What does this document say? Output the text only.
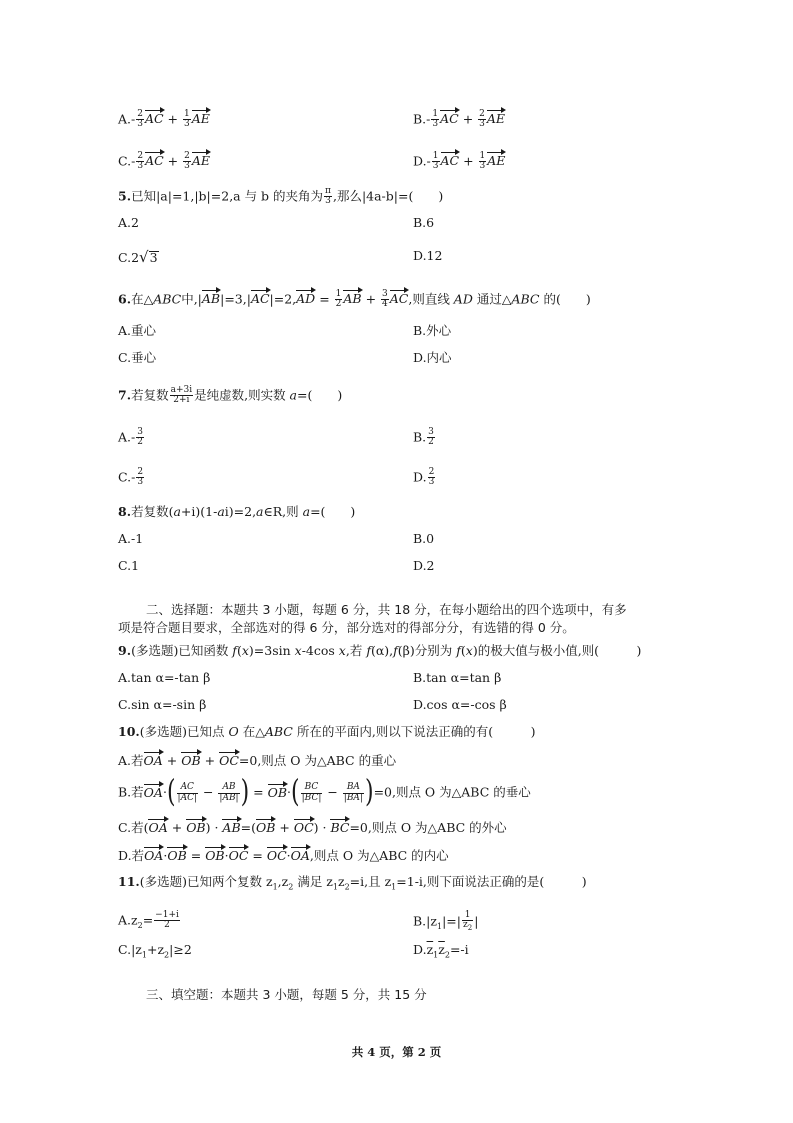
$A.- \frac{2}{3}$ AC + $\frac{1}{3}$ AE	$B.- \frac{1}{3}$ AC + $\frac{2}{3}$ AE
$C.- \frac{2}{3}$ AC + $\frac{2}{3}$ AE	$D.- \frac{1}{3}$ AC + $\frac{1}{3}$ AE
5.已知|a|=1,|b|=2,a 与 b 的夹角为 $\frac{\pi}{3}$ ,那么|4a-b|=(　　)
A.2	B.6
C.2√3	D.12
6.在△ABC中$,|AB|=3,|AC|=2,AD = \frac{1}{2}$ AB + $\frac{3}{4}$ AC,则直线 AD 通过△ABC 的(　　)
A.重心	B.外心
C.垂心	D.内心
7.若复数 $\frac{a+3i}{2+i}$ 是纯虚数,则实数 a=(　　)
$A.- \frac{3}{2}$	B. $\frac{3}{2}$
$C.- \frac{2}{3}$	D. $\frac{2}{3}$
8.若复数(a+i)(1-ai)=2,a∈R,则 a=(　　)
A.-1	B.0
C.1	D.2
二、选择题：本题共 3 小题，每题 6 分，共 18 分，在每小题给出的四个选项中，有多
项是符合题目要求，全部选对的得 6 分，部分选对的得部分分，有选错的得 0 分。
9.(多选题)已知函数 f(x)=3sin x-4cos x,若 f(α),f(β)分别为 f(x)的极大值与极小值,则(　　　)
A.tan α=-tan β	B.tan α=tan β
C.sin α=-sin β	D.cos α=-cos β
10.(多选题)已知点 O 在△ABC 所在的平面内,则以下说法正确的有(　　　)
A.若OA + OB + OC=0,则点 O 为△ABC 的重心
B.若$OA\cdot( \frac{AC}{|AC|} - \frac{AB}{|AB|}$ ) = $OB\cdot( \frac{BC}{|BC|} - \frac{BA}{|BA|} )=0$,则点 O 为△ABC 的垂心
C.若(OA + OB) · AB=(OB + OC) · BC=0,则点 O 为△ABC 的外心
D.若OA·OB = OB·OC = OC·OA,则点 O 为△ABC 的内心
11.(多选题)已知两个复数 $z_1,z_2$ 满足 $z_1z_2=i$,且 $z_1=1-i$,则下面说法正确的是(　　　)
$A.z_2= \frac{-1+i}{2}$	$B.|z_1|=| \frac{1}{z_2}$ |
$C.|z_1+z_2|\ge 2$	$D.\overline{z}_1\overline{z}_2=-i$
三、填空题：本题共 3 小题，每题 5 分，共 15 分
共 4 页，第 2 页
